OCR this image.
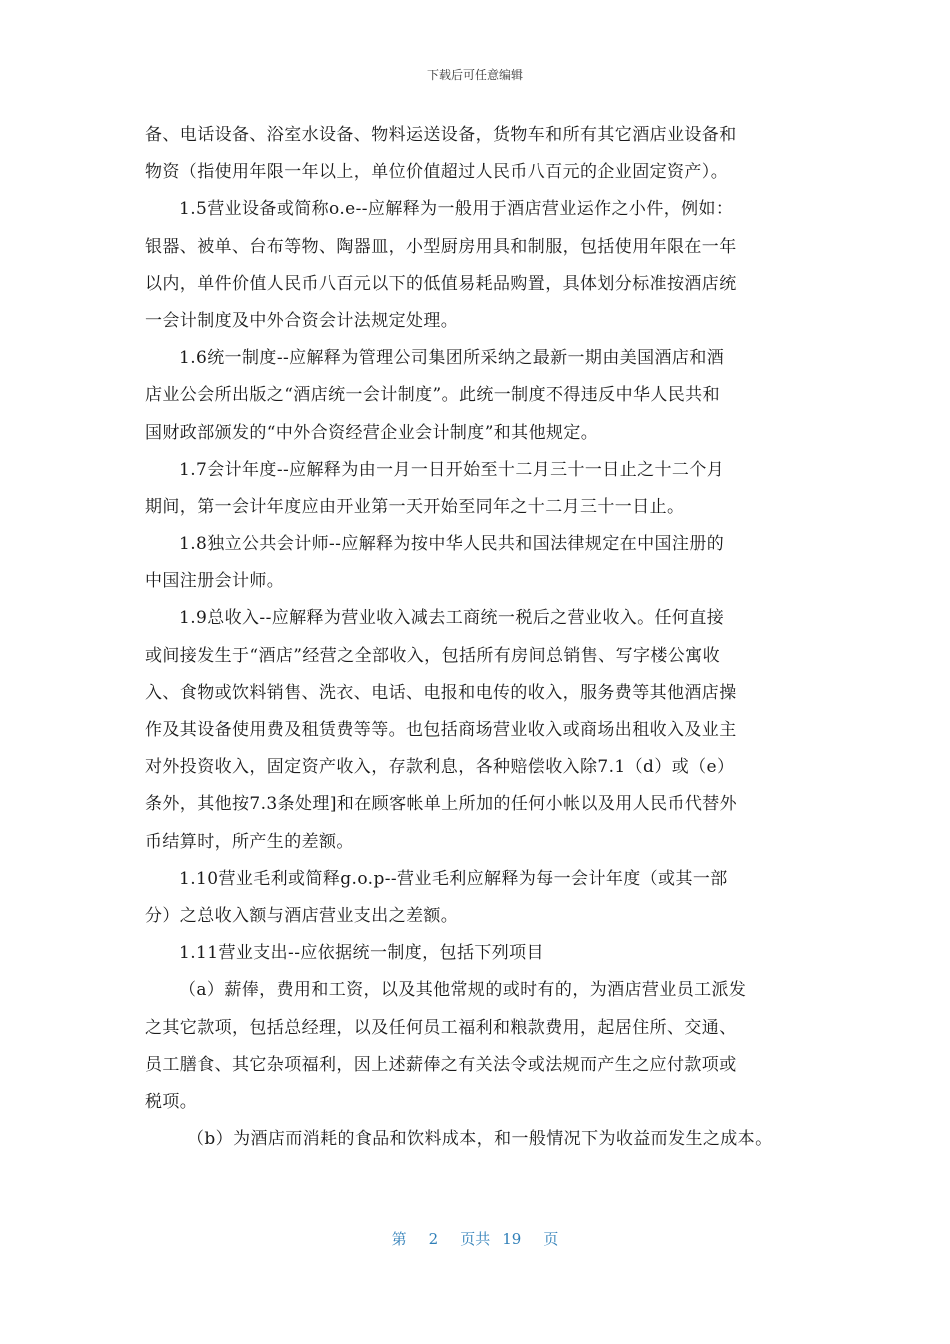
下载后可任意编辑
备、电话设备、浴室水设备、物料运送设备，货物车和所有其它酒店业设备和
物资（指使用年限一年以上，单位价值超过人民币八百元的企业固定资产）。
1.5营业设备或简称o.e--应解释为一般用于酒店营业运作之小件，例如：
银器、被单、台布等物、陶器皿，小型厨房用具和制服，包括使用年限在一年
以内，单件价值人民币八百元以下的低值易耗品购置，具体划分标准按酒店统
一会计制度及中外合资会计法规定处理。
1.6统一制度--应解释为管理公司集团所采纳之最新一期由美国酒店和酒
店业公会所出版之“酒店统一会计制度”。此统一制度不得违反中华人民共和
国财政部颁发的“中外合资经营企业会计制度”和其他规定。
1.7会计年度--应解释为由一月一日开始至十二月三十一日止之十二个月
期间，第一会计年度应由开业第一天开始至同年之十二月三十一日止。
1.8独立公共会计师--应解释为按中华人民共和国法律规定在中国注册的
中国注册会计师。
1.9总收入--应解释为营业收入减去工商统一税后之营业收入。任何直接
或间接发生于“酒店”经营之全部收入，包括所有房间总销售、写字楼公寓收
入、食物或饮料销售、洗衣、电话、电报和电传的收入，服务费等其他酒店操
作及其设备使用费及租赁费等等。也包括商场营业收入或商场出租收入及业主
对外投资收入，固定资产收入，存款利息，各种赔偿收入除7.1（d）或（e）
条外，其他按7.3条处理]和在顾客帐单上所加的任何小帐以及用人民币代替外
币结算时，所产生的差额。
1.10营业毛利或简释g.o.p--营业毛利应解释为每一会计年度（或其一部
分）之总收入额与酒店营业支出之差额。
1.11营业支出--应依据统一制度，包括下列项目
（a）薪俸，费用和工资，以及其他常规的或时有的，为酒店营业员工派发
之其它款项，包括总经理，以及任何员工福利和粮款费用，起居住所、交通、
员工膳食、其它杂项福利，因上述薪俸之有关法令或法规而产生之应付款项或
税项。
（b）为酒店而消耗的食品和饮料成本，和一般情况下为收益而发生之成本。
第 2 页共 19 页
